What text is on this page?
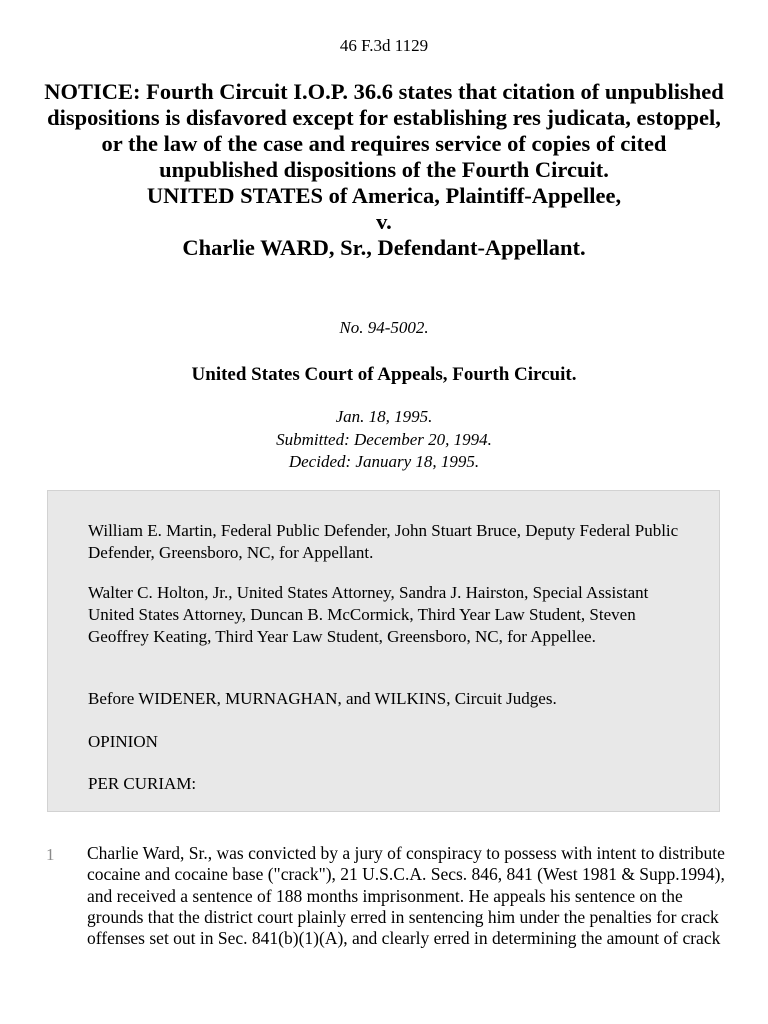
46 F.3d 1129
NOTICE: Fourth Circuit I.O.P. 36.6 states that citation of unpublished dispositions is disfavored except for establishing res judicata, estoppel, or the law of the case and requires service of copies of cited unpublished dispositions of the Fourth Circuit.
UNITED STATES of America, Plaintiff-Appellee,
v.
Charlie WARD, Sr., Defendant-Appellant.
No. 94-5002.
United States Court of Appeals, Fourth Circuit.
Jan. 18, 1995.
Submitted: December 20, 1994.
Decided: January 18, 1995.

William E. Martin, Federal Public Defender, John Stuart Bruce, Deputy Federal Public Defender, Greensboro, NC, for Appellant.

Walter C. Holton, Jr., United States Attorney, Sandra J. Hairston, Special Assistant United States Attorney, Duncan B. McCormick, Third Year Law Student, Steven Geoffrey Keating, Third Year Law Student, Greensboro, NC, for Appellee.

Before WIDENER, MURNAGHAN, and WILKINS, Circuit Judges.

OPINION

PER CURIAM:

1 Charlie Ward, Sr., was convicted by a jury of conspiracy to possess with intent to distribute cocaine and cocaine base ("crack"), 21 U.S.C.A. Secs. 846, 841 (West 1981 & Supp.1994), and received a sentence of 188 months imprisonment. He appeals his sentence on the grounds that the district court plainly erred in sentencing him under the penalties for crack offenses set out in Sec. 841(b)(1)(A), and clearly erred in determining the amount of crack
